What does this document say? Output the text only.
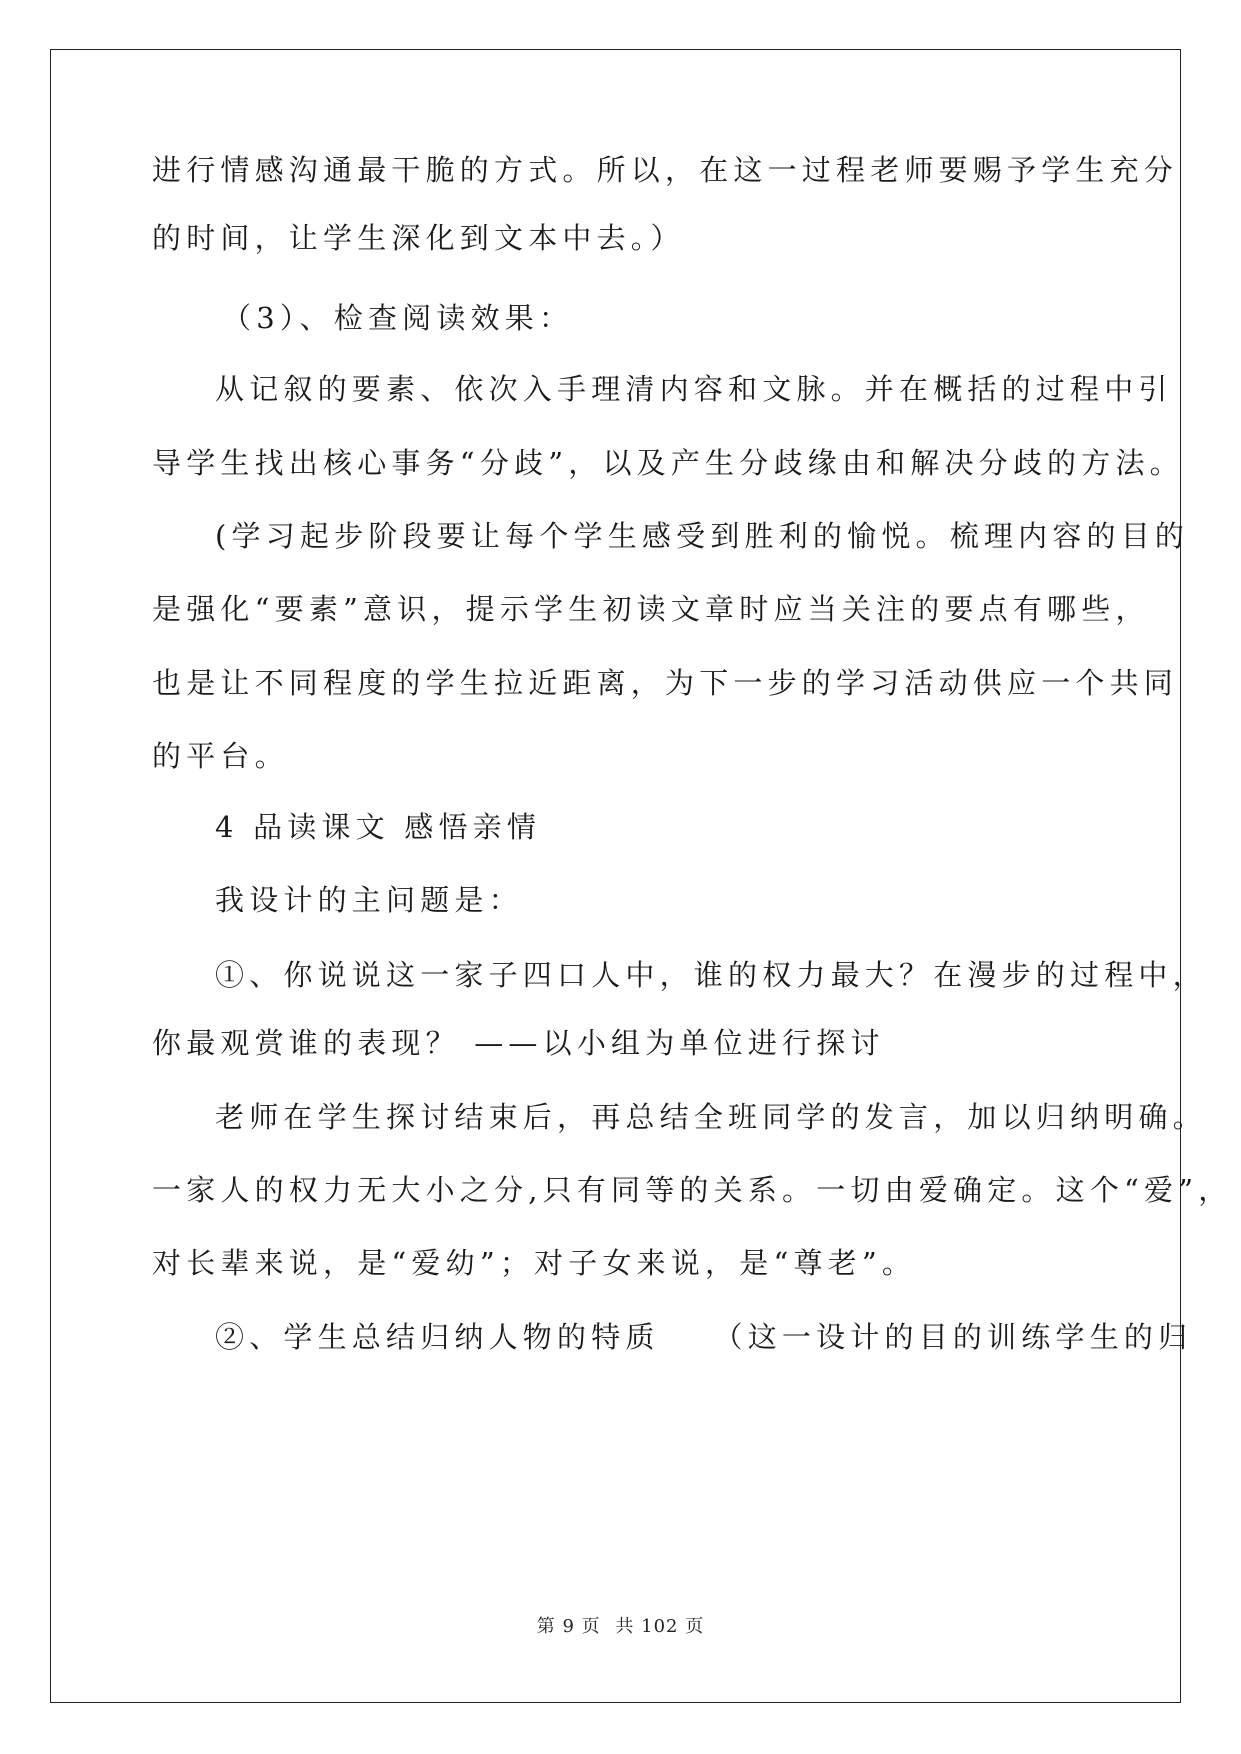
进行情感沟通最干脆的方式。所以，在这一过程老师要赐予学生充分
的时间，让学生深化到文本中去。）
（3）、检查阅读效果：
从记叙的要素、依次入手理清内容和文脉。并在概括的过程中引
导学生找出核心事务“分歧”，以及产生分歧缘由和解决分歧的方法。
(学习起步阶段要让每个学生感受到胜利的愉悦。梳理内容的目的
是强化“要素”意识，提示学生初读文章时应当关注的要点有哪些，
也是让不同程度的学生拉近距离，为下一步的学习活动供应一个共同
的平台。
4 品读课文 感悟亲情
我设计的主问题是：
①、你说说这一家子四口人中，谁的权力最大？在漫步的过程中，
你最观赏谁的表现？ ——以小组为单位进行探讨
老师在学生探讨结束后，再总结全班同学的发言，加以归纳明确。
一家人的权力无大小之分,只有同等的关系。一切由爱确定。这个“爱”，
对长辈来说，是“爱幼”；对子女来说，是“尊老”。
②、学生总结归纳人物的特质　　（这一设计的目的训练学生的归
第 9 页 共 102 页
